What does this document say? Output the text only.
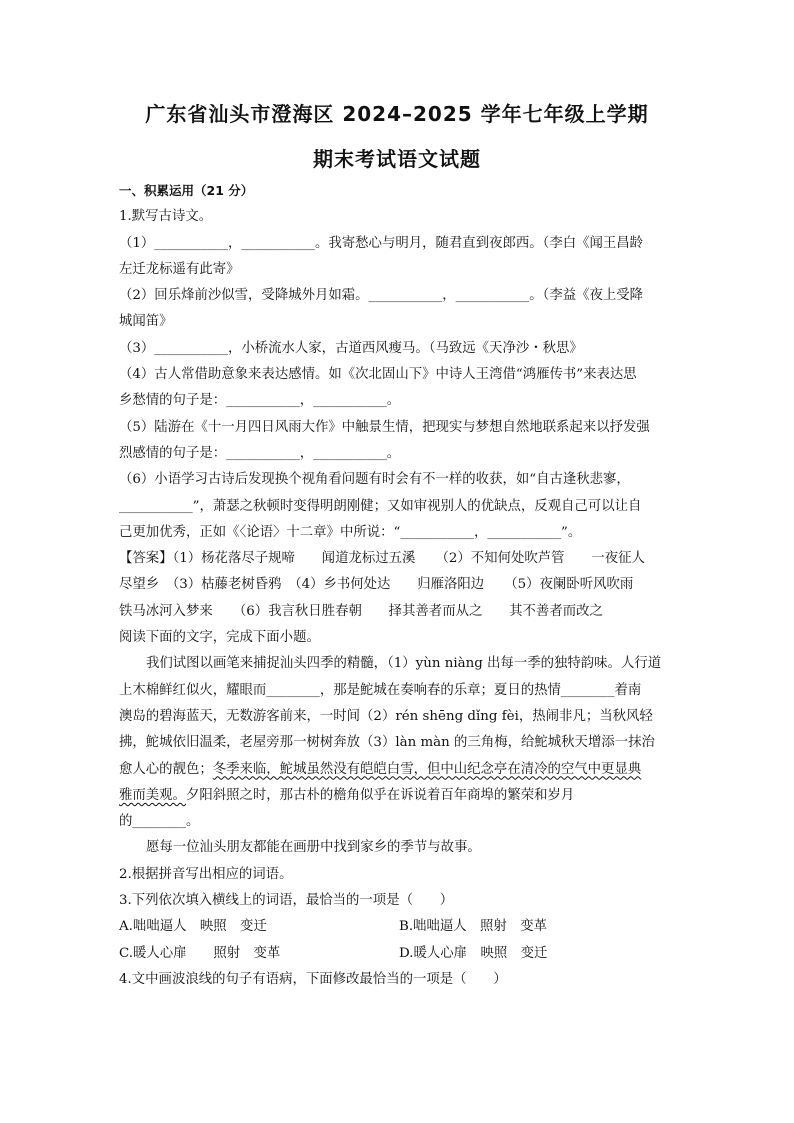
广东省汕头市澄海区 2024–2025 学年七年级上学期
期末考试语文试题
一、积累运用（21 分）
1.默写古诗文。
（1）___________，___________。我寄愁心与明月，随君直到夜郎西。（李白《闻王昌龄
左迁龙标遥有此寄》
（2）回乐烽前沙似雪，受降城外月如霜。___________，___________。（李益《夜上受降
城闻笛》
（3）___________，小桥流水人家，古道西风瘦马。（马致远《天净沙・秋思》
（4）古人常借助意象来表达感情。如《次北固山下》中诗人王湾借“鸿雁传书”来表达思
乡愁情的句子是：___________，___________。
（5）陆游在《十一月四日风雨大作》中触景生情，把现实与梦想自然地联系起来以抒发强
烈感情的句子是：___________，___________。
（6）小语学习古诗后发现换个视角看问题有时会有不一样的收获，如“自古逢秋悲寥，
___________”，萧瑟之秋顿时变得明朗刚健；又如审视别人的优缺点，反观自己可以让自
己更加优秀，正如《〈论语〉十二章》中所说：“___________，___________”。
【答案】（1）杨花落尽子规啼　　闻道龙标过五溪　　（2）不知何处吹芦管　　一夜征人
尽望乡　（3）枯藤老树昏鸦　（4）乡书何处达　　归雁洛阳边　　（5）夜阑卧听风吹雨
铁马冰河入梦来　　（6）我言秋日胜春朝　　择其善者而从之　　其不善者而改之
阅读下面的文字，完成下面小题。
我们试图以画笔来捕捉汕头四季的精髓，（1）yùn niàng 出每一季的独特韵味。人行道
上木棉鲜红似火，耀眼而________，那是鮀城在奏响春的乐章；夏日的热情________着南
澳岛的碧海蓝天，无数游客前来，一时间（2）rén shēng dǐng fèi，热闹非凡；当秋风轻
拂，鮀城依旧温柔，老屋旁那一树树奔放（3）làn màn 的三角梅，给鮀城秋天增添一抹治
愈人心的靓色；冬季来临，鮀城虽然没有皑皑白雪，但中山纪念亭在清冷的空气中更显典
雅而美观。夕阳斜照之时，那古朴的檐角似乎在诉说着百年商埠的繁荣和岁月
的________。
愿每一位汕头朋友都能在画册中找到家乡的季节与故事。
2.根据拼音写出相应的词语。
3.下列依次填入横线上的词语，最恰当的一项是（　　）
A.咄咄逼人　映照　变迁	B.咄咄逼人　照射　变革
C.暖人心扉　　照射　变革	D.暖人心扉　映照　变迁
4.文中画波浪线的句子有语病，下面修改最恰当的一项是（　　）
